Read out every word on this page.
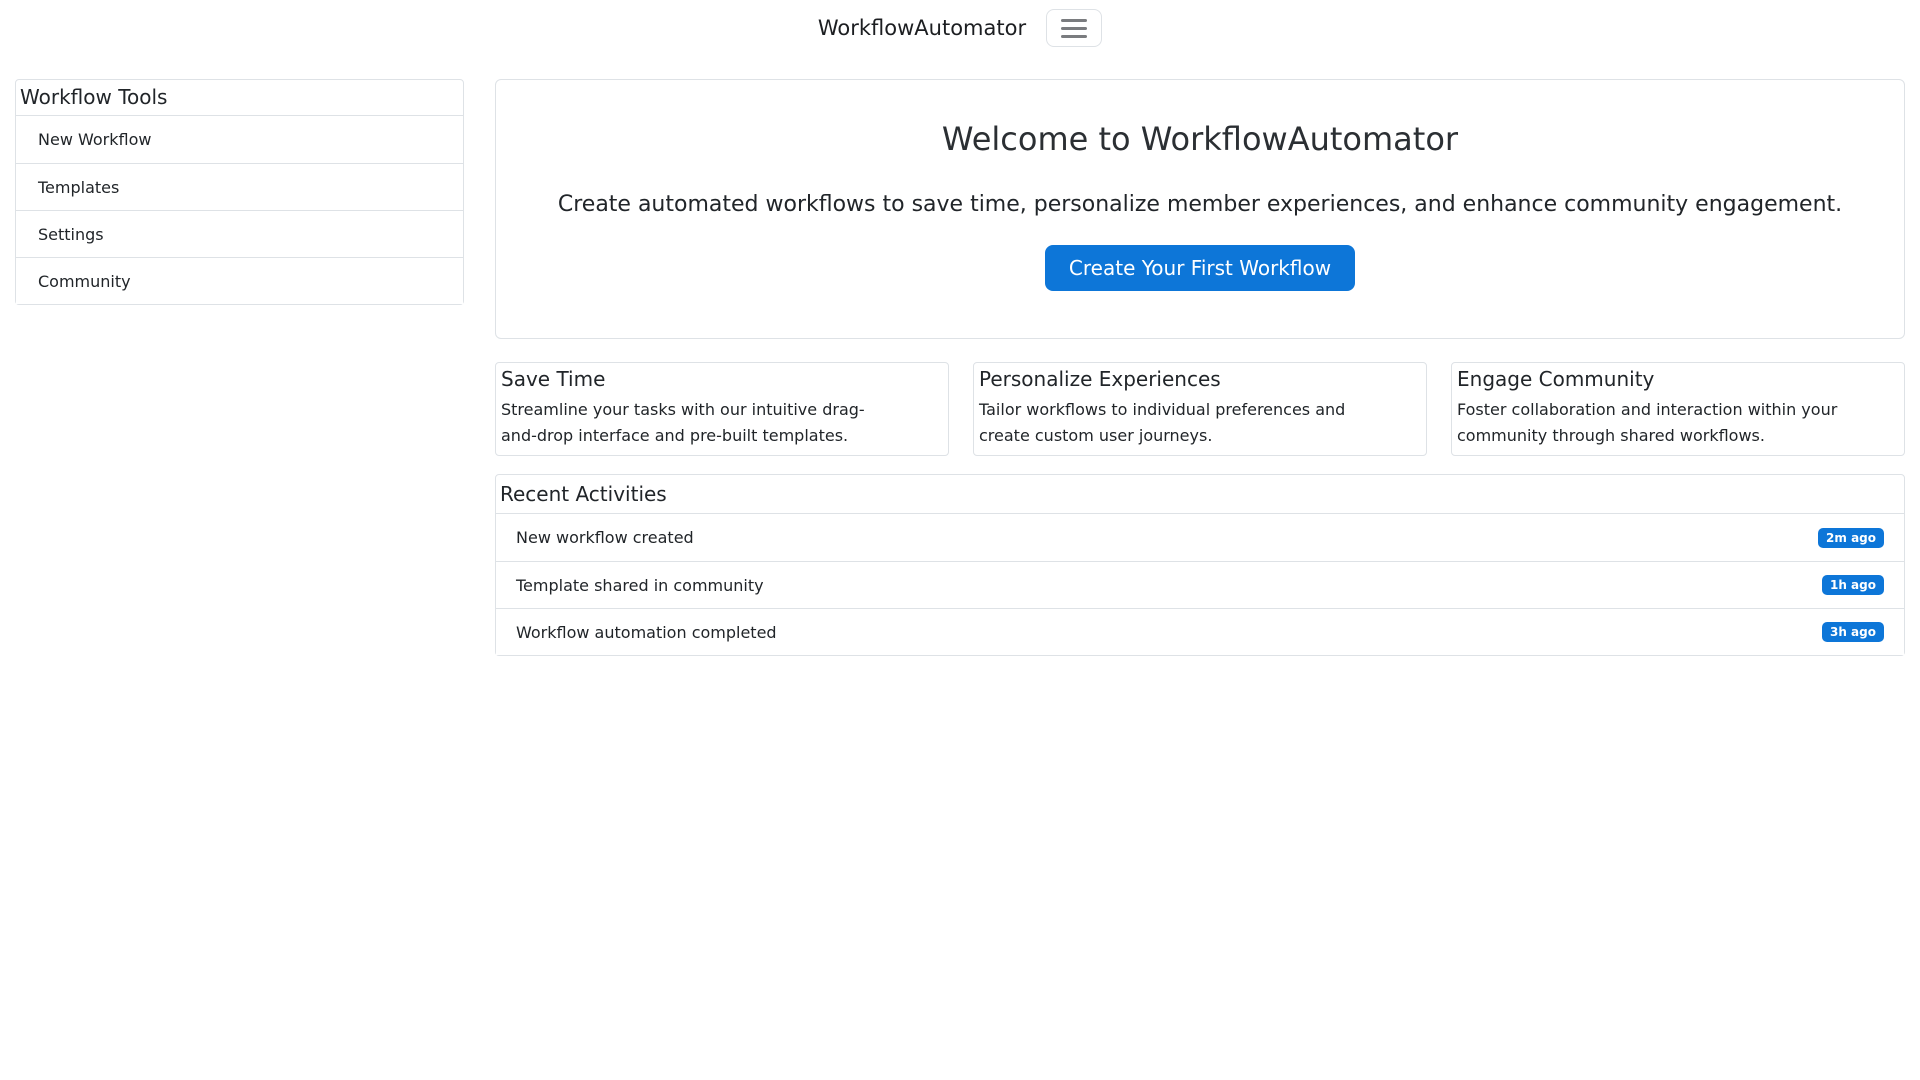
WorkflowAutomator
Workflow Tools
New Workflow
Templates
Settings
Community
Welcome to WorkflowAutomator

Create automated workflows to save time, personalize member experiences, and enhance community engagement.

Create Your First Workflow
Save Time

Streamline your tasks with our intuitive drag-and-drop interface and pre-built templates.

Personalize Experiences

Tailor workflows to individual preferences and create custom user journeys.

Engage Community

Foster collaboration and interaction within your community through shared workflows.

Recent Activities
New workflow created	2m ago
Template shared in community	1h ago
Workflow automation completed	3h ago
